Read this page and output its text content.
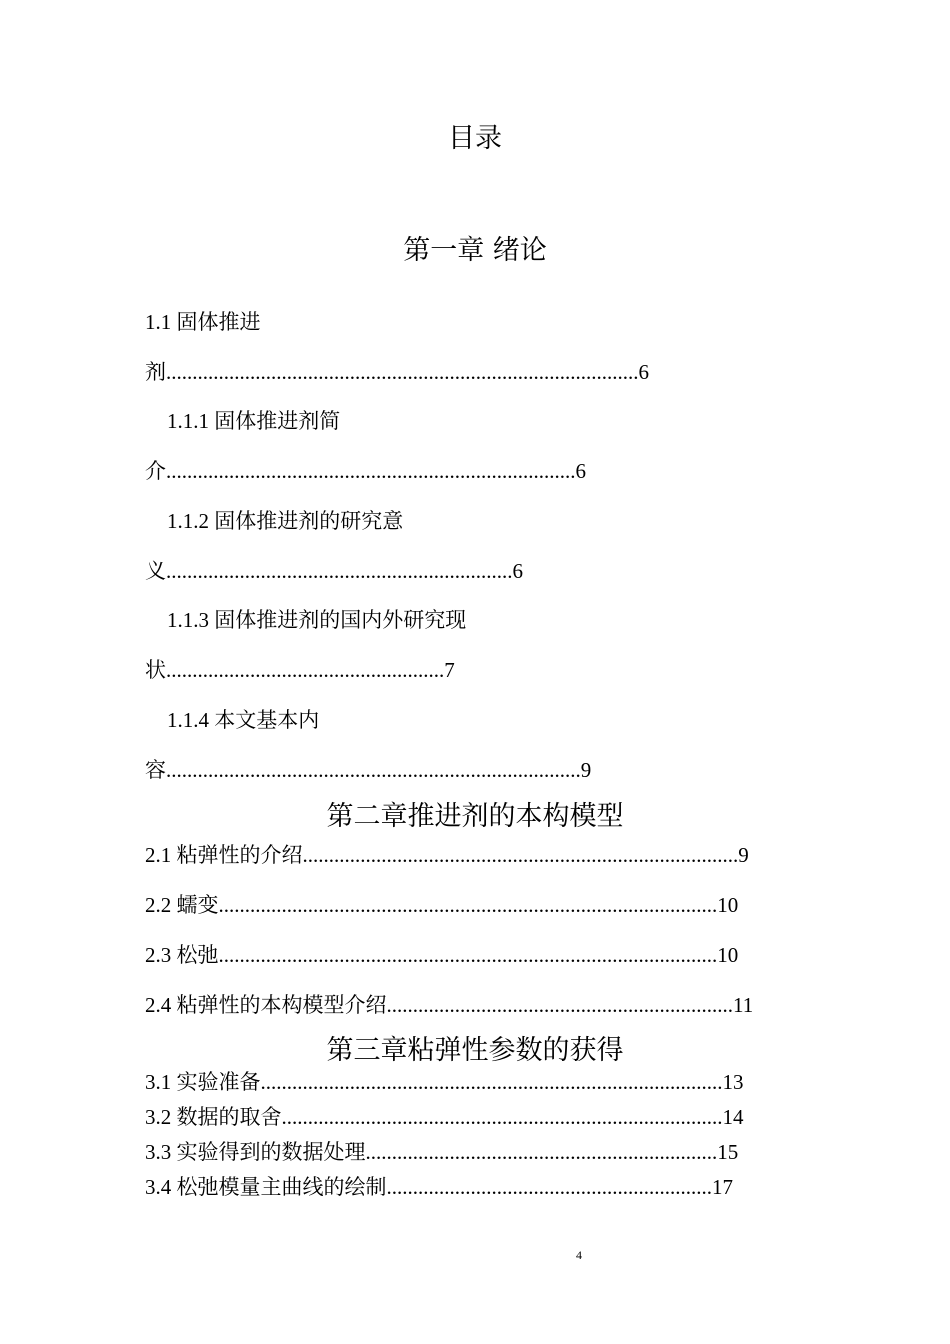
目录
第一章 绪论
1.1 固体推进
剂..........................................................................................6
1.1.1 固体推进剂简
介..............................................................................6
1.1.2 固体推进剂的研究意
义..................................................................6
1.1.3 固体推进剂的国内外研究现
状.....................................................7
1.1.4 本文基本内
容...............................................................................9
第二章推进剂的本构模型
2.1 粘弹性的介绍...................................................................................9
2.2 蠕变...............................................................................................10
2.3 松弛...............................................................................................10
2.4 粘弹性的本构模型介绍..................................................................11
第三章粘弹性参数的获得
3.1 实验准备........................................................................................13
3.2 数据的取舍....................................................................................14
3.3 实验得到的数据处理...................................................................15
3.4 松弛模量主曲线的绘制..............................................................17
4
